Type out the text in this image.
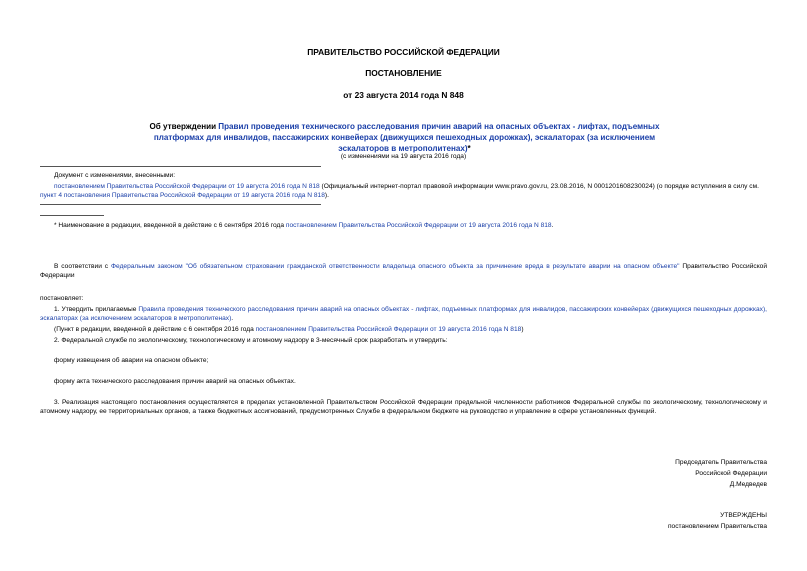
ПРАВИТЕЛЬСТВО РОССИЙСКОЙ ФЕДЕРАЦИИ
ПОСТАНОВЛЕНИЕ
от 23 августа 2014 года N 848
Об утверждении Правил проведения технического расследования причин аварий на опасных объектах - лифтах, подъемных платформах для инвалидов, пассажирских конвейерах (движущихся пешеходных дорожках), эскалаторах (за исключением эскалаторов в метрополитенах)*
(с изменениями на 19 августа 2016 года)
Документ с изменениями, внесенными:
постановлением Правительства Российской Федерации от 19 августа 2016 года N 818 (Официальный интернет-портал правовой информации www.pravo.gov.ru, 23.08.2016, N 0001201608230024) (о порядке вступления в силу см. пункт 4 постановления Правительства Российской Федерации от 19 августа 2016 года N 818).
* Наименование в редакции, введенной в действие с 6 сентября 2016 года постановлением Правительства Российской Федерации от 19 августа 2016 года N 818.
В соответствии с Федеральным законом "Об обязательном страховании гражданской ответственности владельца опасного объекта за причинение вреда в результате аварии на опасном объекте" Правительство Российской Федерации
постановляет:
1. Утвердить прилагаемые Правила проведения технического расследования причин аварий на опасных объектах - лифтах, подъемных платформах для инвалидов, пассажирских конвейерах (движущихся пешеходных дорожках), эскалаторах (за исключением эскалаторов в метрополитенах).
(Пункт в редакции, введенной в действие с 6 сентября 2016 года постановлением Правительства Российской Федерации от 19 августа 2016 года N 818)
2. Федеральной службе по экологическому, технологическому и атомному надзору в 3-месячный срок разработать и утвердить:
форму извещения об аварии на опасном объекте;
форму акта технического расследования причин аварий на опасных объектах.
3. Реализация настоящего постановления осуществляется в пределах установленной Правительством Российской Федерации предельной численности работников Федеральной службы по экологическому, технологическому и атомному надзору, ее территориальных органов, а также бюджетных ассигнований, предусмотренных Службе в федеральном бюджете на руководство и управление в сфере установленных функций.
Председатель Правительства
Российской Федерации
Д.Медведев
УТВЕРЖДЕНЫ
постановлением Правительства
